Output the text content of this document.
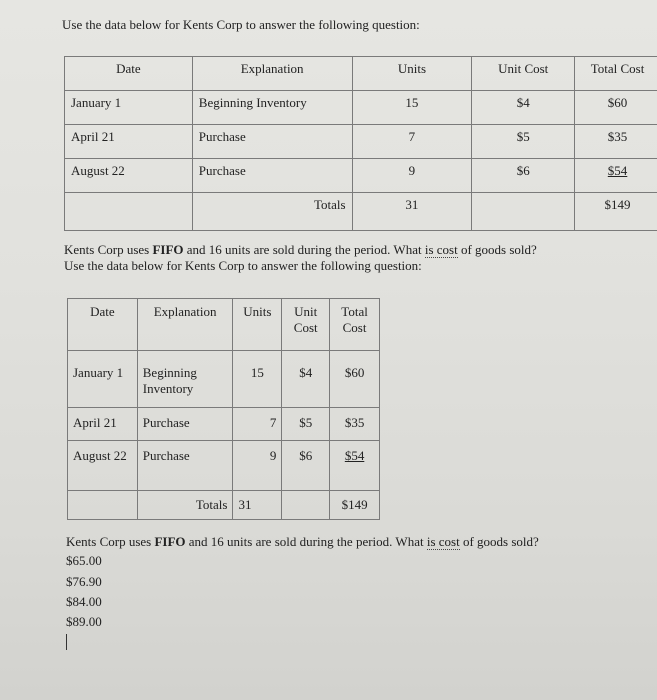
Use the data below for Kents Corp to answer the following question:
Date	Explanation	Units	Unit Cost	Total Cost
January 1	Beginning Inventory	15	$4	$60
April 21	Purchase	7	$5	$35
August 22	Purchase	9	$6	$54
	Totals	31		$149
Kents Corp uses FIFO and 16 units are sold during the period. What is cost of goods sold?
Use the data below for Kents Corp to answer the following question:
Date	Explanation	Units	Unit Cost	Total Cost
January 1	Beginning Inventory	15	$4	$60
April 21	Purchase	7	$5	$35
August 22	Purchase	9	$6	$54
	Totals	31		$149
Kents Corp uses FIFO and 16 units are sold during the period. What is cost of goods sold?
$65.00
$76.90
$84.00
$89.00
